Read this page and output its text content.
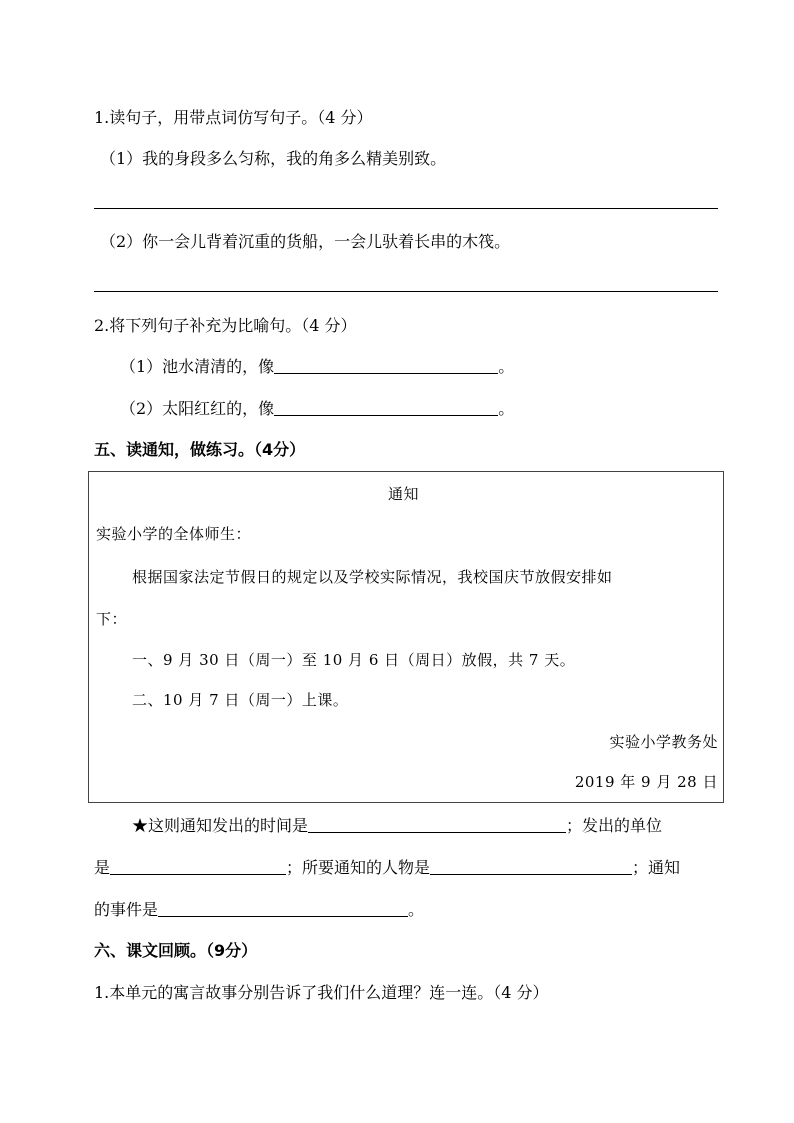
1.读句子，用带点词仿写句子。（4 分）
（1）我的身段多么匀称，我的角多么精美别致。
（2）你一会儿背着沉重的货船，一会儿驮着长串的木筏。
2.将下列句子补充为比喻句。（4 分）
（1）池水清清的，像	。
（2）太阳红红的，像	。
五、读通知，做练习。（4分）
通知
实验小学的全体师生：
根据国家法定节假日的规定以及学校实际情况，我校国庆节放假安排如
下：
一、9 月 30 日（周一）至 10 月 6 日（周日）放假，共 7 天。
二、10 月 7 日（周一）上课。
实验小学教务处
2019 年 9 月 28 日
★这则通知发出的时间是	；发出的单位
是	；所要通知的人物是	；通知
的事件是	。
六、课文回顾。（9分）
1.本单元的寓言故事分别告诉了我们什么道理？连一连。（4 分）
